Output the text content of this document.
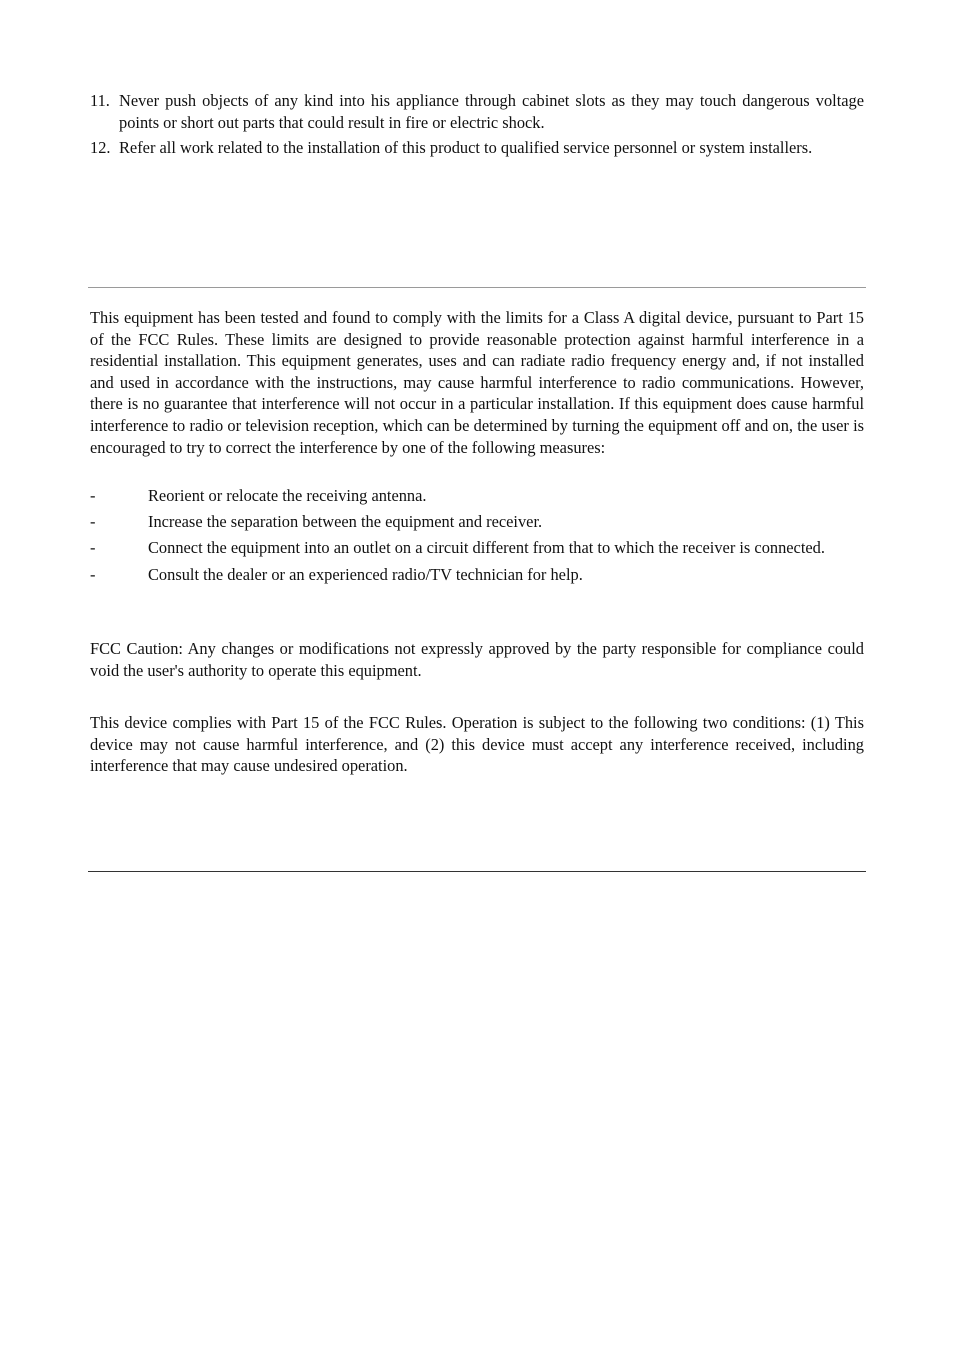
11. Never push objects of any kind into his appliance through cabinet slots as they may touch dangerous voltage points or short out parts that could result in fire or electric shock.
12. Refer all work related to the installation of this product to qualified service personnel or system installers.

This equipment has been tested and found to comply with the limits for a Class A digital device, pursuant to Part 15 of the FCC Rules. These limits are designed to provide reasonable protection against harmful interference in a residential installation. This equipment generates, uses and can radiate radio frequency energy and, if not installed and used in accordance with the instructions, may cause harmful interference to radio communications. However, there is no guarantee that interference will not occur in a particular installation. If this equipment does cause harmful interference to radio or television reception, which can be determined by turning the equipment off and on, the user is encouraged to try to correct the interference by one of the following measures:

-	Reorient or relocate the receiving antenna.
-	Increase the separation between the equipment and receiver.
-	Connect the equipment into an outlet on a circuit different from that to which the receiver is connected.
-	Consult the dealer or an experienced radio/TV technician for help.

FCC Caution: Any changes or modifications not expressly approved by the party responsible for compliance could void the user's authority to operate this equipment.

This device complies with Part 15 of the FCC Rules. Operation is subject to the following two conditions: (1) This device may not cause harmful interference, and (2) this device must accept any interference received, including interference that may cause undesired operation.
